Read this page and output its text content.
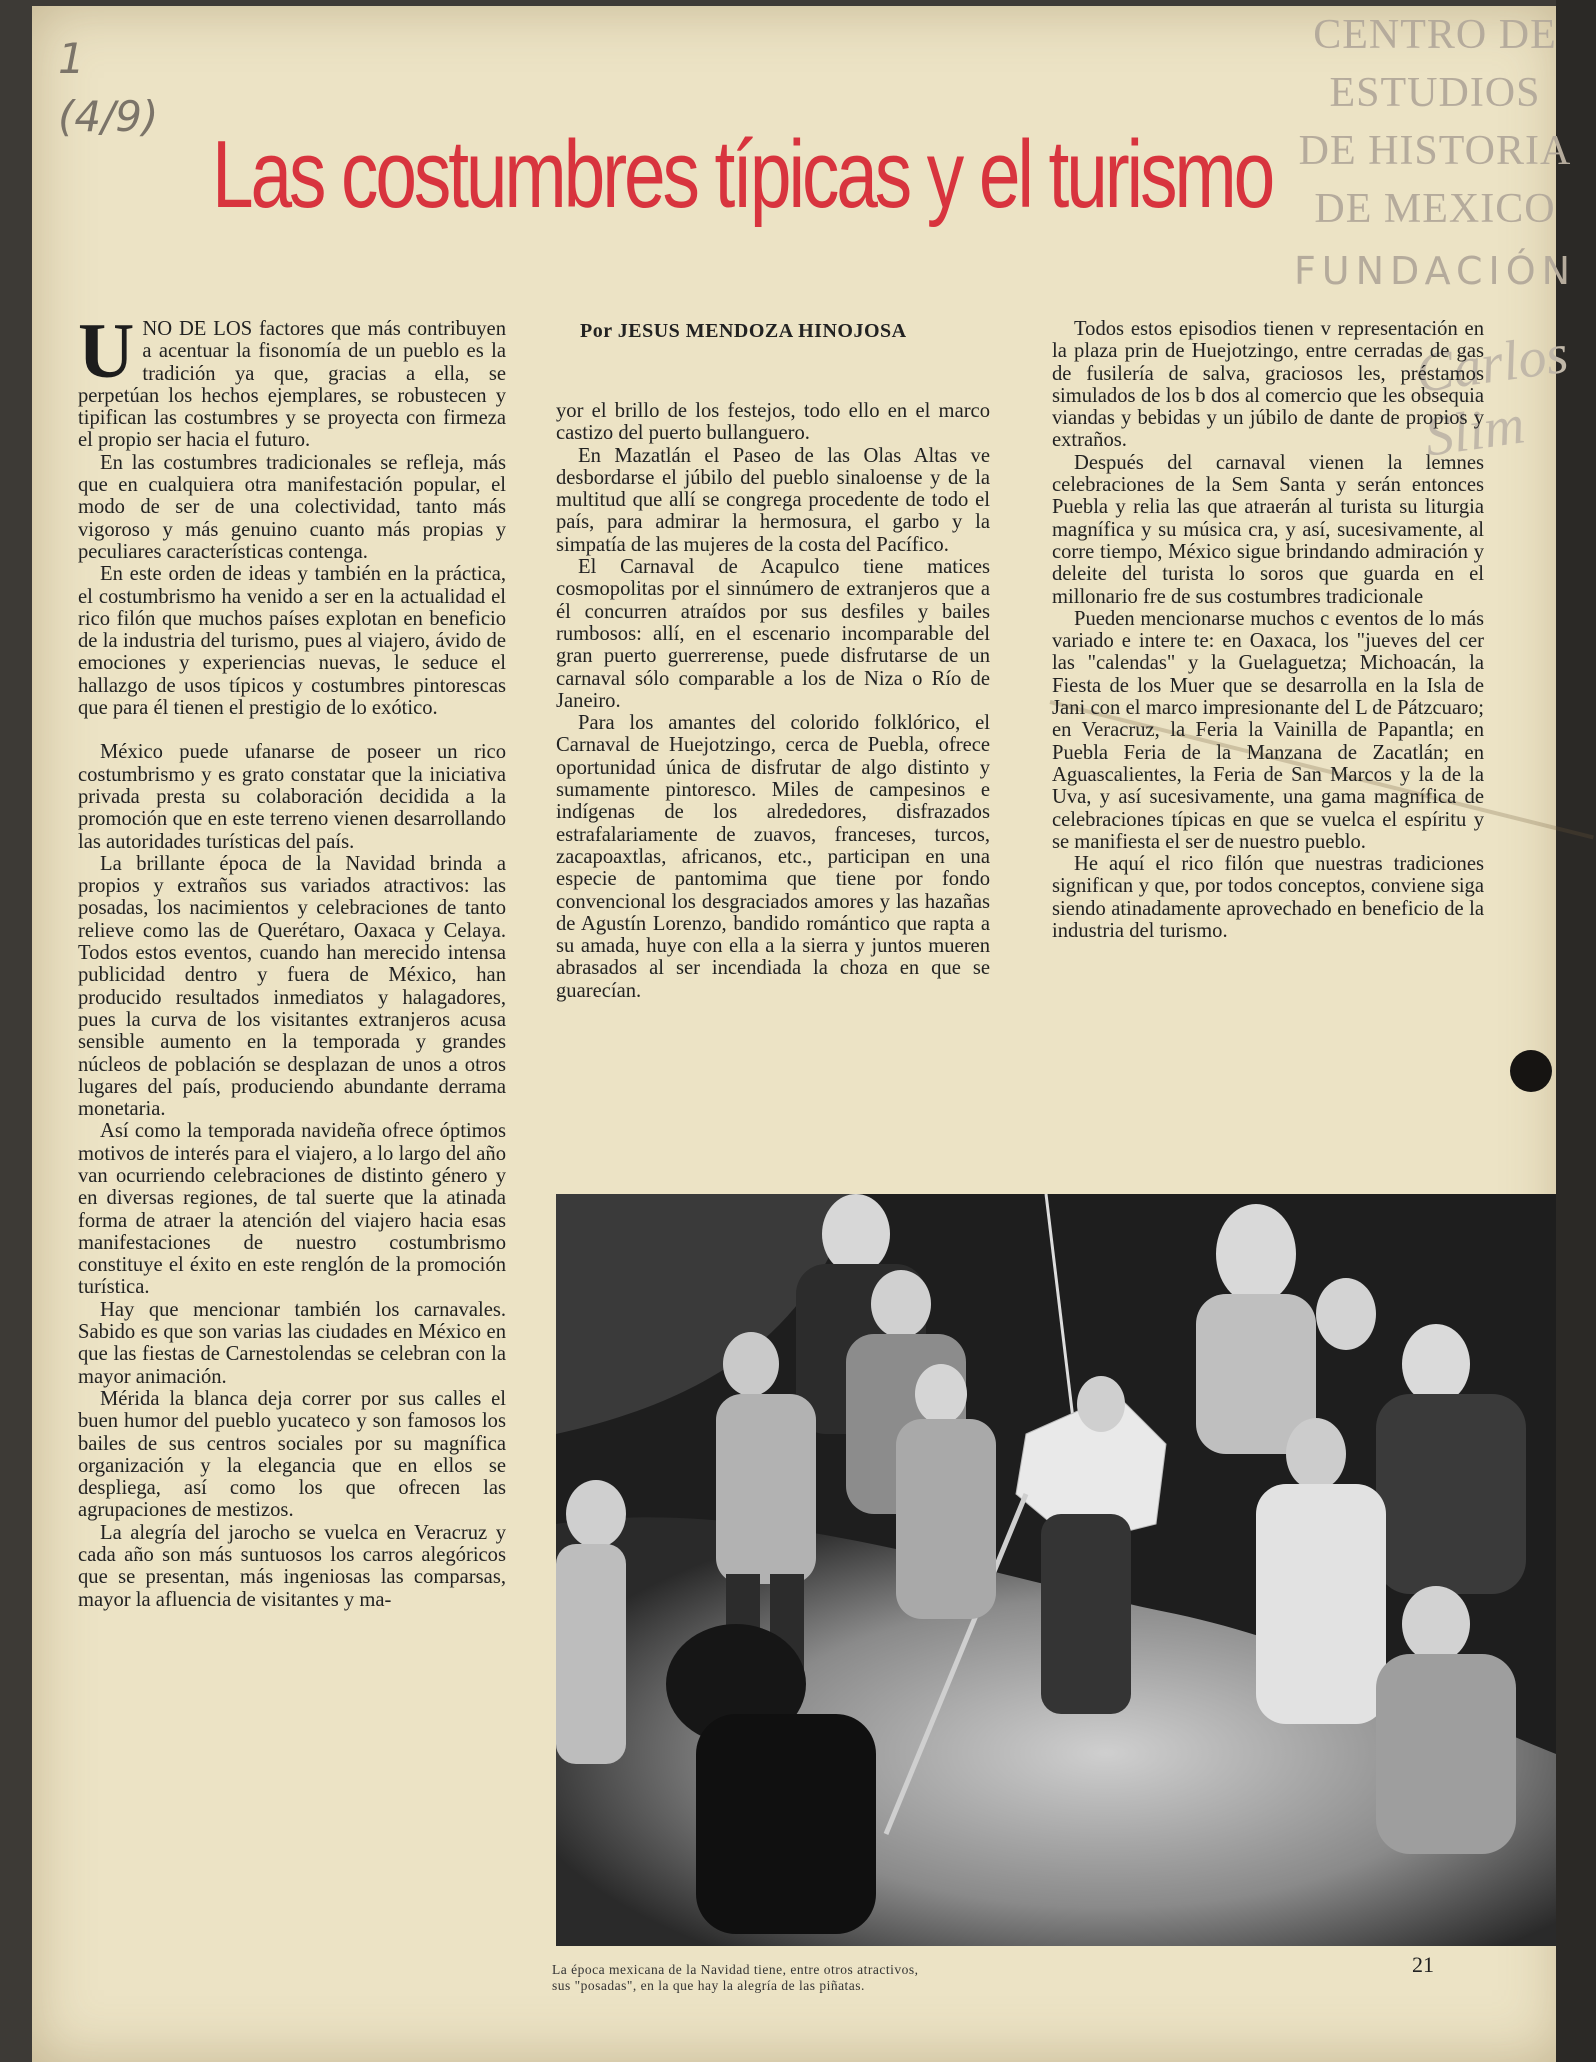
1
(4/9)
CENTRO DE
ESTUDIOS
DE HISTORIA
DE MEXICO
FUNDACIÓN
Carlos Slim
Las costumbres típicas y el turismo

UNO DE LOS factores que más contribuyen a acentuar la fisonomía de un pueblo es la tradición ya que, gracias a ella, se perpetúan los hechos ejemplares, se robustecen y tipifican las costumbres y se proyecta con firmeza el propio ser hacia el futuro.

En las costumbres tradicionales se refleja, más que en cualquiera otra manifestación popular, el modo de ser de una colectividad, tanto más vigoroso y más genuino cuanto más propias y peculiares características contenga.

En este orden de ideas y también en la práctica, el costumbrismo ha venido a ser en la actualidad el rico filón que muchos países explotan en beneficio de la industria del turismo, pues al viajero, ávido de emociones y experiencias nuevas, le seduce el hallazgo de usos típicos y costumbres pintorescas que para él tienen el prestigio de lo exótico.

México puede ufanarse de poseer un rico costumbrismo y es grato constatar que la iniciativa privada presta su colaboración decidida a la promoción que en este terreno vienen desarrollando las autoridades turísticas del país.

La brillante época de la Navidad brinda a propios y extraños sus variados atractivos: las posadas, los nacimientos y celebraciones de tanto relieve como las de Querétaro, Oaxaca y Celaya. Todos estos eventos, cuando han merecido intensa publicidad dentro y fuera de México, han producido resultados inmediatos y halagadores, pues la curva de los visitantes extranjeros acusa sensible aumento en la temporada y grandes núcleos de población se desplazan de unos a otros lugares del país, produciendo abundante derrama monetaria.

Así como la temporada navideña ofrece óptimos motivos de interés para el viajero, a lo largo del año van ocurriendo celebraciones de distinto género y en diversas regiones, de tal suerte que la atinada forma de atraer la atención del viajero hacia esas manifestaciones de nuestro costumbrismo constituye el éxito en este renglón de la promoción turística.

Hay que mencionar también los carnavales. Sabido es que son varias las ciudades en México en que las fiestas de Carnestolendas se celebran con la mayor animación.

Mérida la blanca deja correr por sus calles el buen humor del pueblo yucateco y son famosos los bailes de sus centros sociales por su magnífica organización y la elegancia que en ellos se despliega, así como los que ofrecen las agrupaciones de mestizos.

La alegría del jarocho se vuelca en Veracruz y cada año son más suntuosos los carros alegóricos que se presentan, más ingeniosas las comparsas, mayor la afluencia de visitantes y ma-

Por JESUS MENDOZA HINOJOSA

yor el brillo de los festejos, todo ello en el marco castizo del puerto bullanguero.

En Mazatlán el Paseo de las Olas Altas ve desbordarse el júbilo del pueblo sinaloense y de la multitud que allí se congrega procedente de todo el país, para admirar la hermosura, el garbo y la simpatía de las mujeres de la costa del Pacífico.

El Carnaval de Acapulco tiene matices cosmopolitas por el sinnúmero de extranjeros que a él concurren atraídos por sus desfiles y bailes rumbosos: allí, en el escenario incomparable del gran puerto guerrerense, puede disfrutarse de un carnaval sólo comparable a los de Niza o Río de Janeiro.

Para los amantes del colorido folklórico, el Carnaval de Huejotzingo, cerca de Puebla, ofrece oportunidad única de disfrutar de algo distinto y sumamente pintoresco. Miles de campesinos e indígenas de los alrededores, disfrazados estrafalariamente de zuavos, franceses, turcos, zacapoaxtlas, africanos, etc., participan en una especie de pantomima que tiene por fondo convencional los desgraciados amores y las hazañas de Agustín Lorenzo, bandido romántico que rapta a su amada, huye con ella a la sierra y juntos mueren abrasados al ser incendiada la choza en que se guarecían.

Todos estos episodios tienen v representación en la plaza prin de Huejotzingo, entre cerradas de gas de fusilería de salva, graciosos les, préstamos simulados de los b dos al comercio que les obsequia viandas y bebidas y un júbilo de dante de propios y extraños.

Después del carnaval vienen la lemnes celebraciones de la Sem Santa y serán entonces Puebla y relia las que atraerán al turista su liturgia magnífica y su música cra, y así, sucesivamente, al corre tiempo, México sigue brindando admiración y deleite del turista lo soros que guarda en el millonario fre de sus costumbres tradicionale

Pueden mencionarse muchos c eventos de lo más variado e intere te: en Oaxaca, los "jueves del cer las "calendas" y la Guelaguetza; Michoacán, la Fiesta de los Muer que se desarrolla en la Isla de Jani con el marco impresionante del L de Pátzcuaro; en Veracruz, la Feria la Vainilla de Papantla; en Puebla Feria de la Manzana de Zacatlán; en Aguascalientes, la Feria de San Marcos y la de la Uva, y así sucesivamente, una gama magnífica de celebraciones típicas en que se vuelca el espíritu y se manifiesta el ser de nuestro pueblo.

He aquí el rico filón que nuestras tradiciones significan y que, por todos conceptos, conviene siga siendo atinadamente aprovechado en beneficio de la industria del turismo.

La época mexicana de la Navidad tiene, entre otros atractivos,
sus "posadas", en la que hay la alegría de las piñatas.
21
